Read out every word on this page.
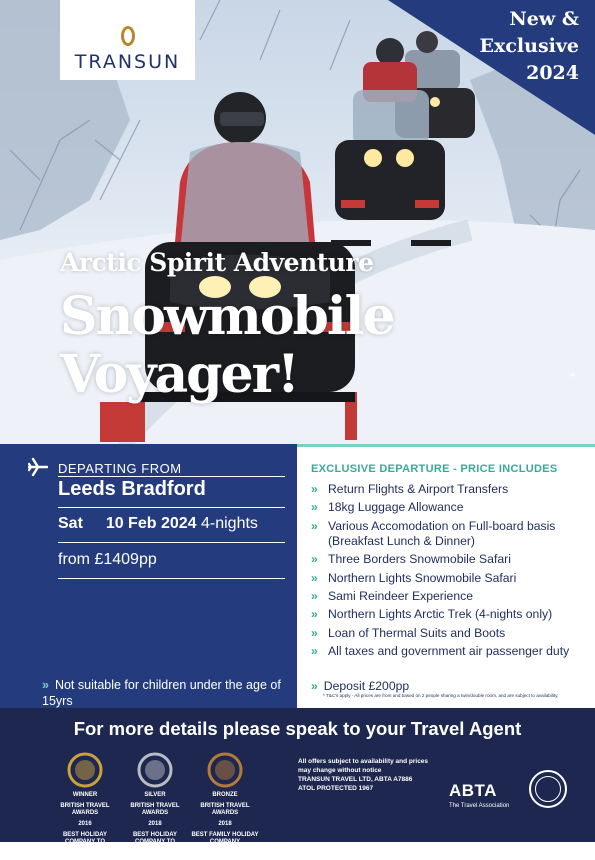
TRANSUN
New &
Exclusive
2024
Arctic Spirit Adventure
Snowmobile
Voyager!	*
DEPARTING FROM
Leeds Bradford
Sat 10 Feb 2024 4-nights
from £1409pp
» Not suitable for children under the age of 15yrs
EXCLUSIVE DEPARTURE - PRICE INCLUDES
» Return Flights & Airport Transfers
» 18kg Luggage Allowance
» Various Accomodation on Full-board basis (Breakfast Lunch & Dinner)
» Three Borders Snowmobile Safari
» Northern Lights Snowmobile Safari
» Sami Reindeer Experience
» Northern Lights Arctic Trek (4-nights only)
» Loan of Thermal Suits and Boots
» All taxes and government air passenger duty
» Deposit £200pp
* T&C's apply - All prices are from and based on 2 people sharing a twin/double room, and are subject to availability.
For more details please speak to your Travel Agent
WINNER
BRITISH TRAVEL AWARDS
2016
BEST HOLIDAY COMPANY TO CENTRAL & NORTHERN EUROPE
SILVER
BRITISH TRAVEL AWARDS
2018
BEST HOLIDAY COMPANY TO CENTRAL & NORTHERN EUROPE
BRONZE
BRITISH TRAVEL AWARDS
2018
BEST FAMILY HOLIDAY COMPANY
All offers subject to availability and prices
may change without notice
TRANSUN TRAVEL LTD, ABTA A7886
ATOL PROTECTED 1967	ABTA
The Travel Association
